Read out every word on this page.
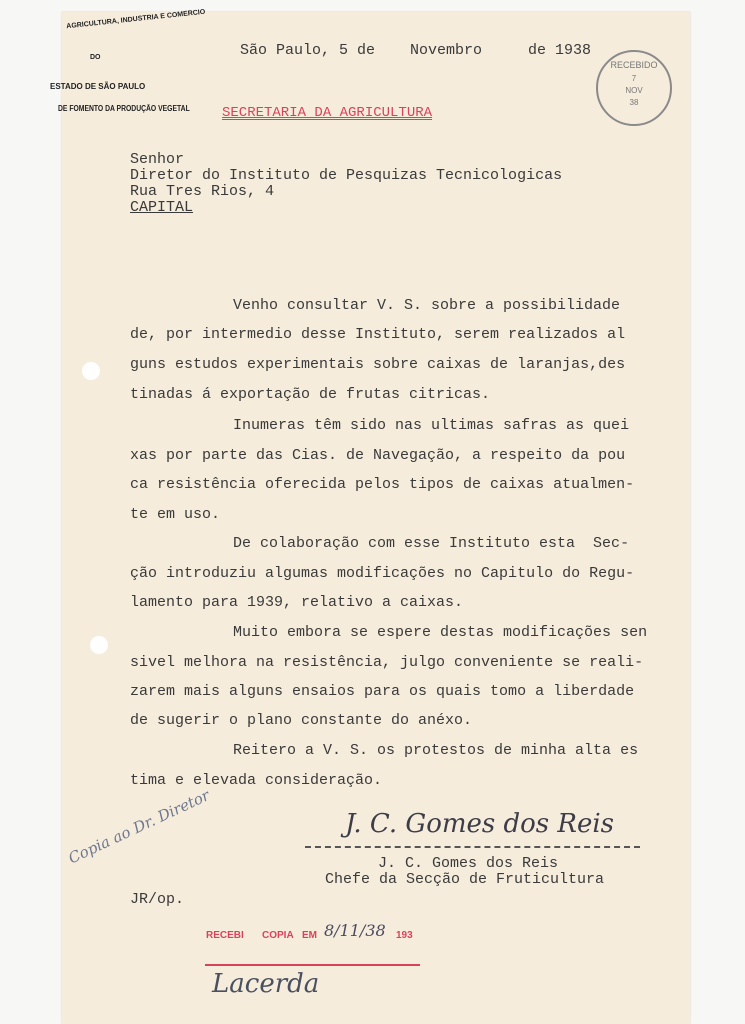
AGRICULTURA, INDUSTRIA E COMERCIO
DO
ESTADO DE SÃO PAULO
DE FOMENTO DA PRODUÇÃO VEGETAL SECRETARIA DA AGRICULTURA
São Paulo, 5 de Novembro	de 1938
RECEBIDO
7
NOV
38
Senhor
Diretor do Instituto de Pesquizas Tecnicologicas
Rua Tres Rios, 4
CAPITAL
Venho consultar V. S. sobre a possibilidade
de, por intermedio desse Instituto, serem realizados al
guns estudos experimentais sobre caixas de laranjas,des
tinadas á exportação de frutas citricas.
Inumeras têm sido nas ultimas safras as quei
xas por parte das Cias. de Navegação, a respeito da pou
ca resistência oferecida pelos tipos de caixas atualmen-
te em uso.
De colaboração com esse Instituto esta  Sec-
ção introduziu algumas modificações no Capitulo do Regu-
lamento para 1939, relativo a caixas.
Muito embora se espere destas modificações sen
sivel melhora na resistência, julgo conveniente se reali-
zarem mais alguns ensaios para os quais tomo a liberdade
de sugerir o plano constante do anéxo.
Reitero a V. S. os protestos de minha alta es
tima e elevada consideração.
J. C. Gomes dos Reis
J. C. Gomes dos Reis
Chefe da Secção de Fruticultura
Copia ao Dr. Diretor
JR/op.
RECEBI COPIA EM 8/11/38 193
Lacerda
